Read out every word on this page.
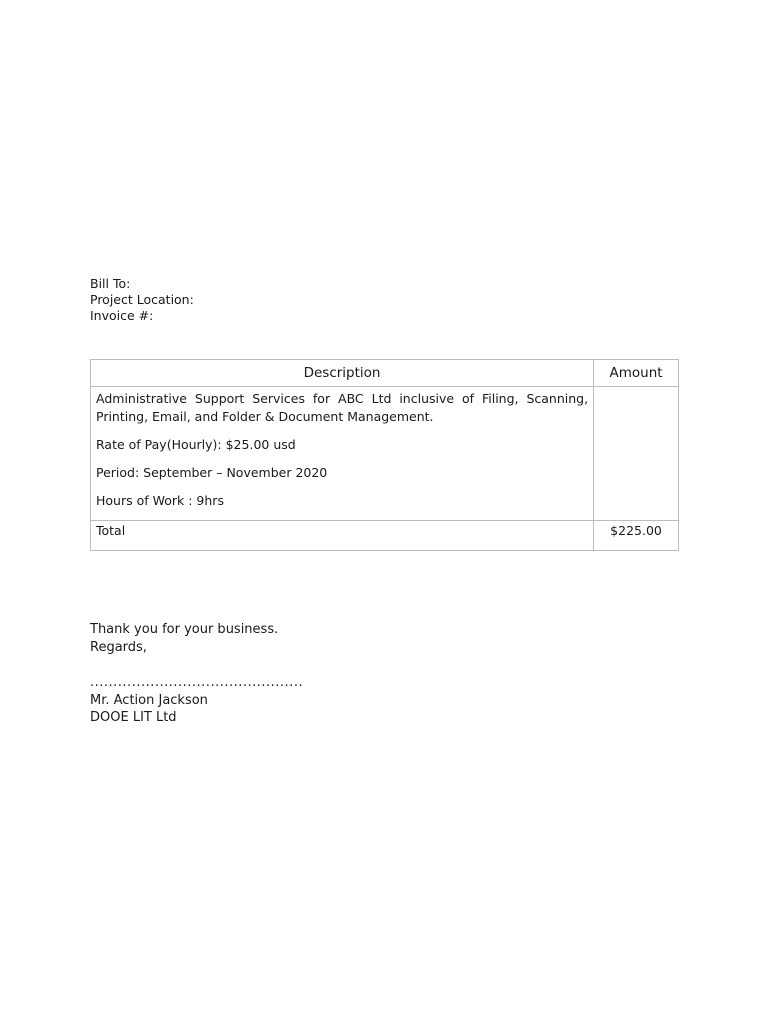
Bill To:
Project Location:
Invoice #:
Description	Amount

Administrative Support Services for ABC Ltd inclusive of Filing, Scanning, Printing, Email, and Folder & Document Management.

Rate of Pay(Hourly): $25.00 usd

Period: September – November 2020

Hours of Work : 9hrs	

Total	$225.00
Thank you for your business.
Regards,
..............................................
Mr. Action Jackson
DOOE LIT Ltd
